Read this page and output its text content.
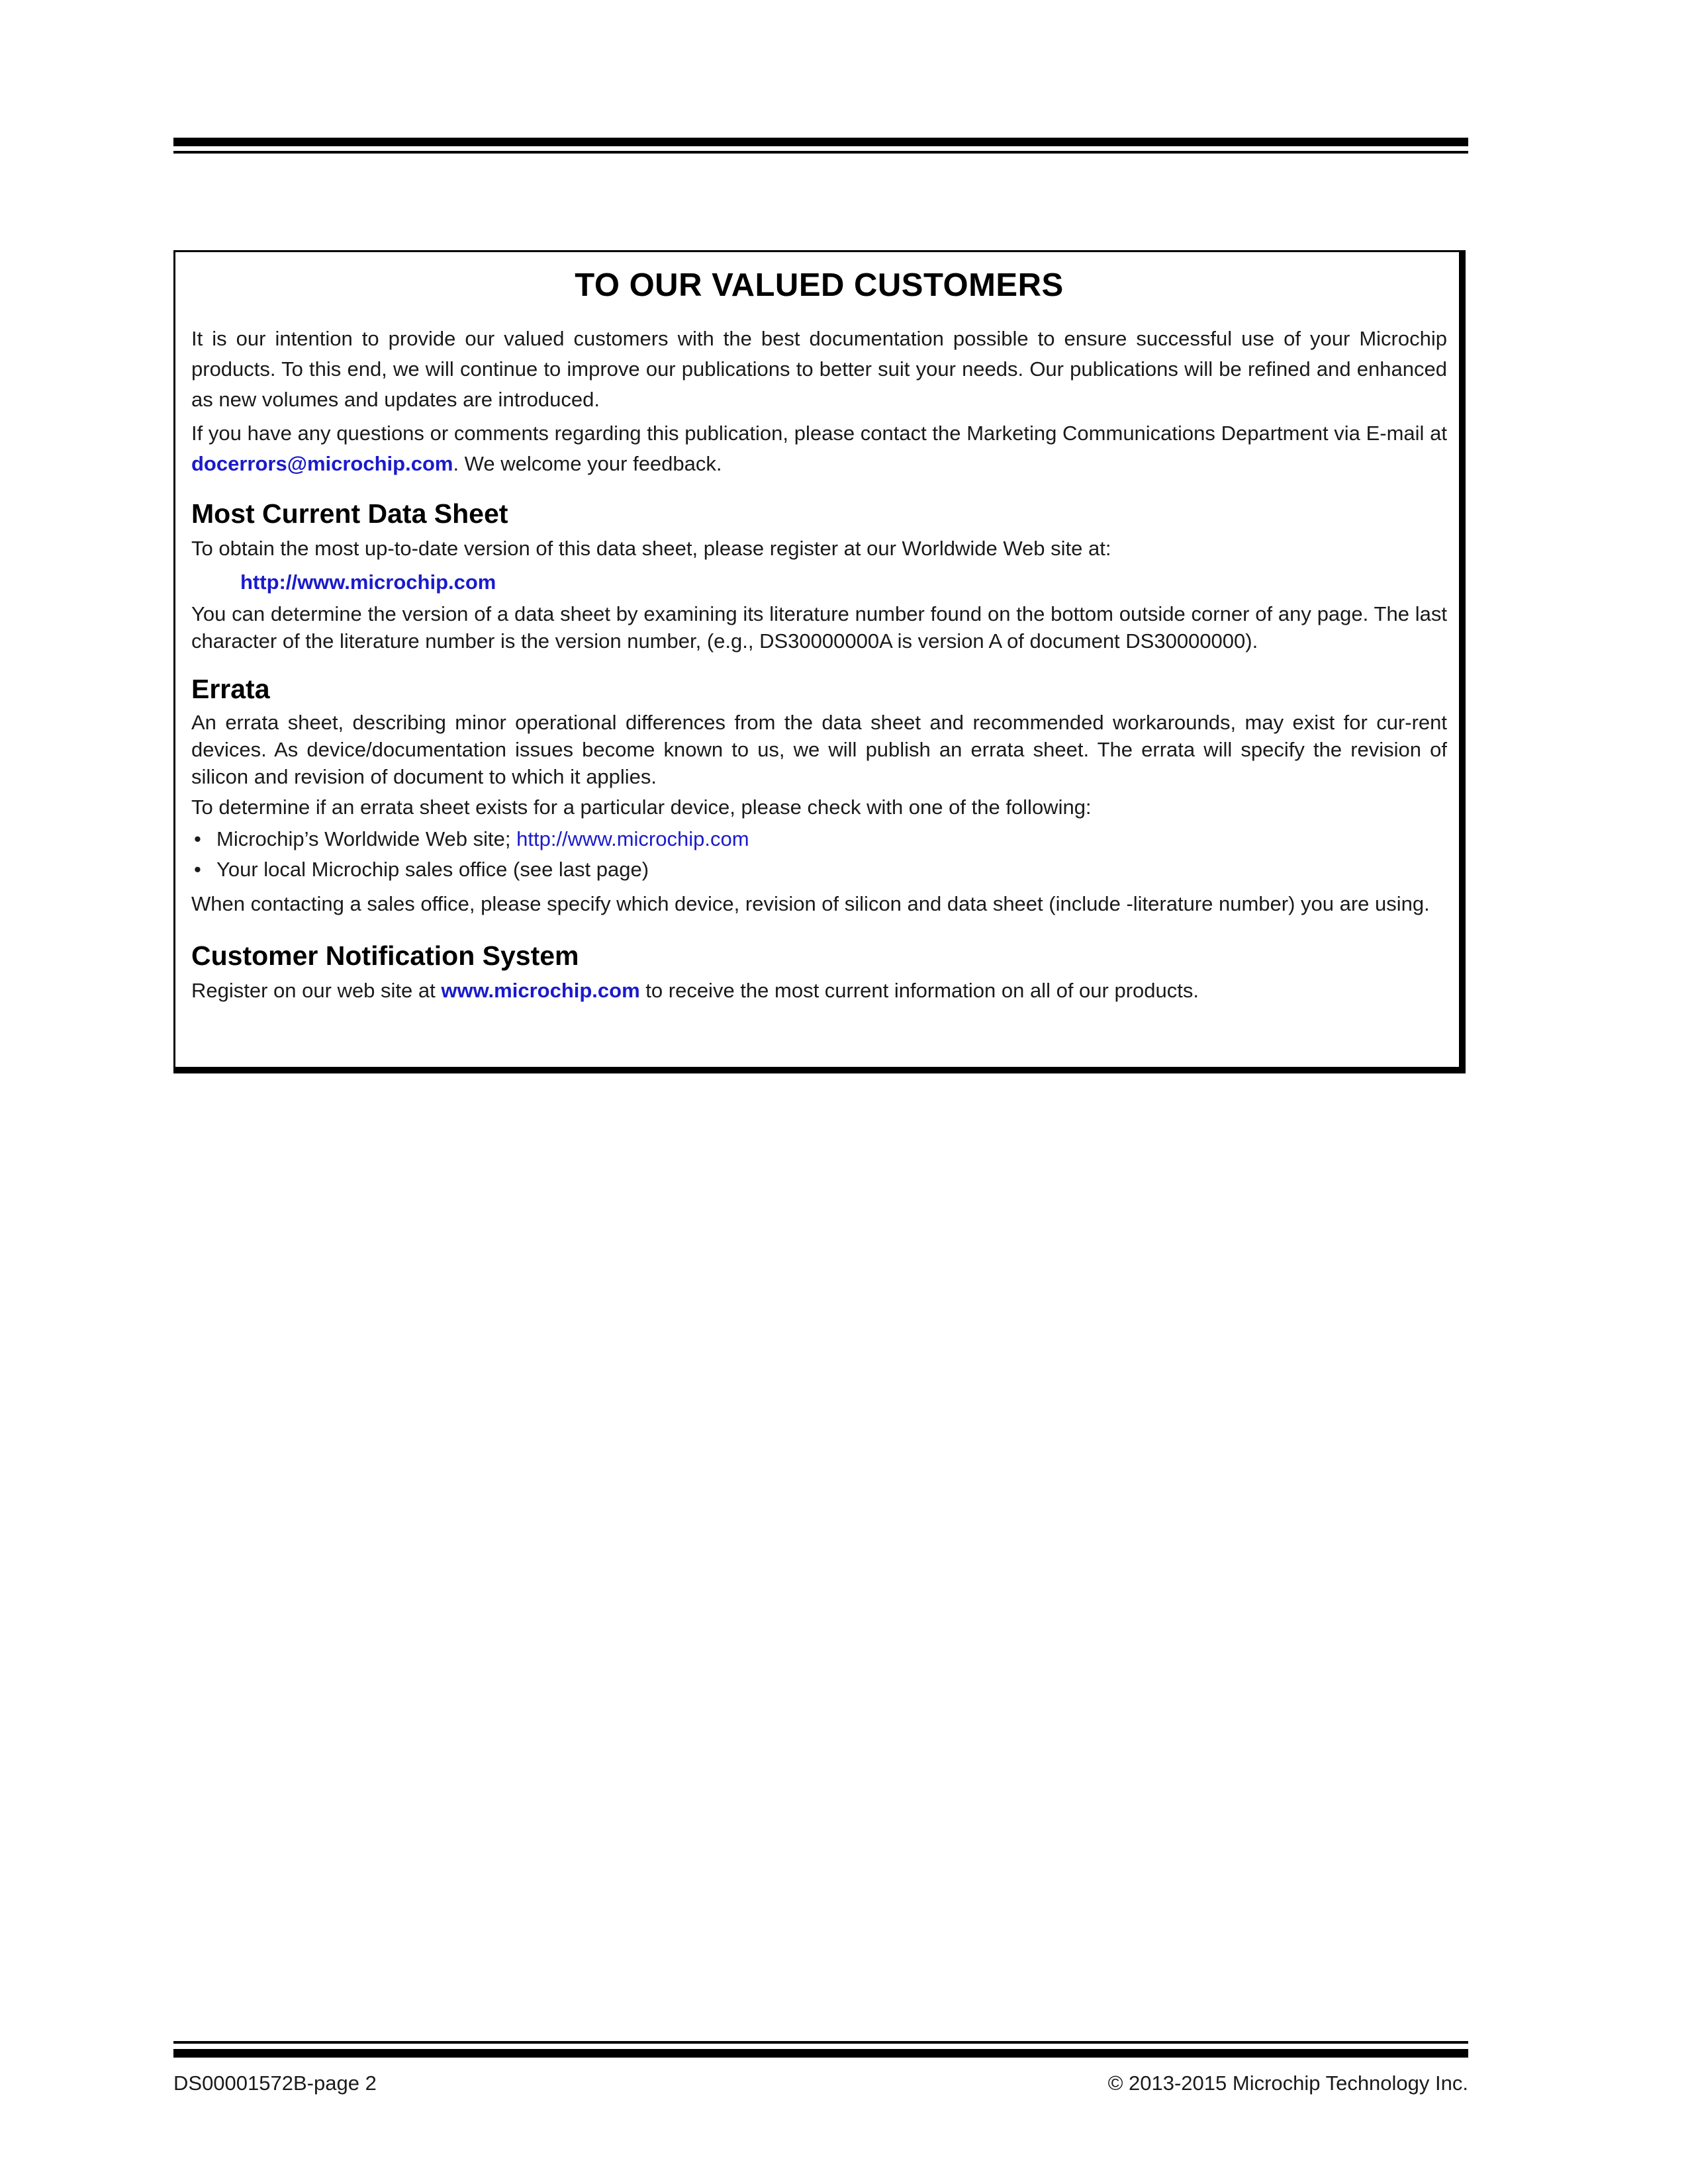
TO OUR VALUED CUSTOMERS

It is our intention to provide our valued customers with the best documentation possible to ensure successful use of your Microchip products. To this end, we will continue to improve our publications to better suit your needs. Our publications will be refined and enhanced as new volumes and updates are introduced.

If you have any questions or comments regarding this publication, please contact the Marketing Communications Department via E-mail at docerrors@microchip.com. We welcome your feedback.

Most Current Data Sheet

To obtain the most up-to-date version of this data sheet, please register at our Worldwide Web site at:

http://www.microchip.com

You can determine the version of a data sheet by examining its literature number found on the bottom outside corner of any page. The last character of the literature number is the version number, (e.g., DS30000000A is version A of document DS30000000).

Errata

An errata sheet, describing minor operational differences from the data sheet and recommended workarounds, may exist for cur-rent devices. As device/documentation issues become known to us, we will publish an errata sheet. The errata will specify the revision of silicon and revision of document to which it applies.

To determine if an errata sheet exists for a particular device, please check with one of the following:

• Microchip’s Worldwide Web site; http://www.microchip.com
• Your local Microchip sales office (see last page)

When contacting a sales office, please specify which device, revision of silicon and data sheet (include -literature number) you are using.

Customer Notification System

Register on our web site at www.microchip.com to receive the most current information on all of our products.

DS00001572B-page 2	© 2013-2015 Microchip Technology Inc.
